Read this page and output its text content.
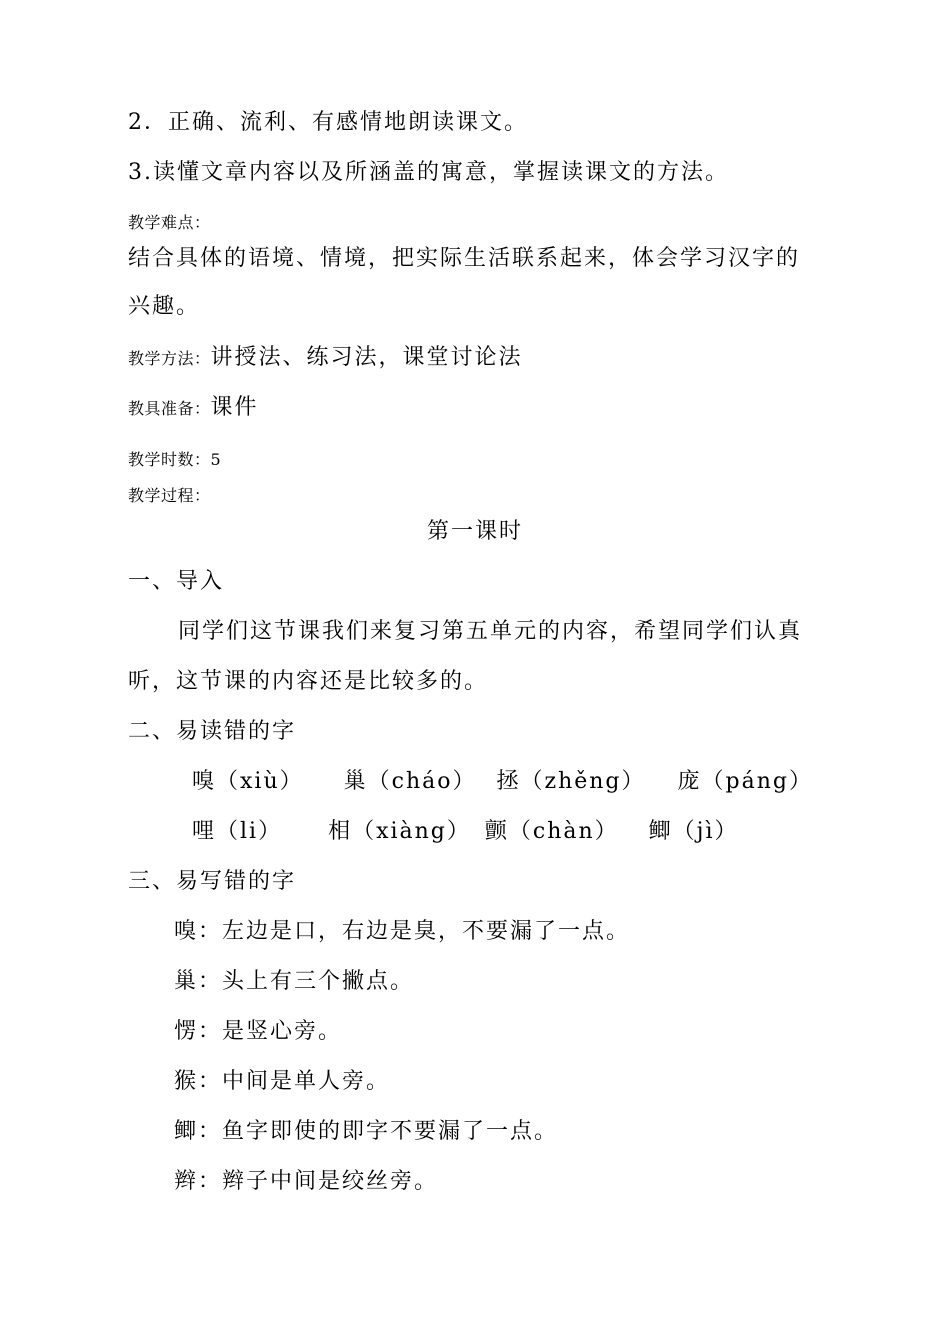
2．正确、流利、有感情地朗读课文。
3.读懂文章内容以及所涵盖的寓意，掌握读课文的方法。
教学难点：
结合具体的语境、情境，把实际生活联系起来，体会学习汉字的
兴趣。
教学方法：讲授法、练习法，课堂讨论法
教具准备：课件
教学时数：5
教学过程：
第一课时
一、导入
同学们这节课我们来复习第五单元的内容，希望同学们认真
听，这节课的内容还是比较多的。
二、易读错的字
嗅（xiù） 巢（cháo） 拯（zhěng） 庞（páng）
哩（li） 相（xiàng） 颤（chàn） 鲫（jì）
三、易写错的字
嗅：左边是口，右边是臭，不要漏了一点。
巢：头上有三个撇点。
愣：是竖心旁。
猴：中间是单人旁。
鲫：鱼字即使的即字不要漏了一点。
辫：辫子中间是绞丝旁。
